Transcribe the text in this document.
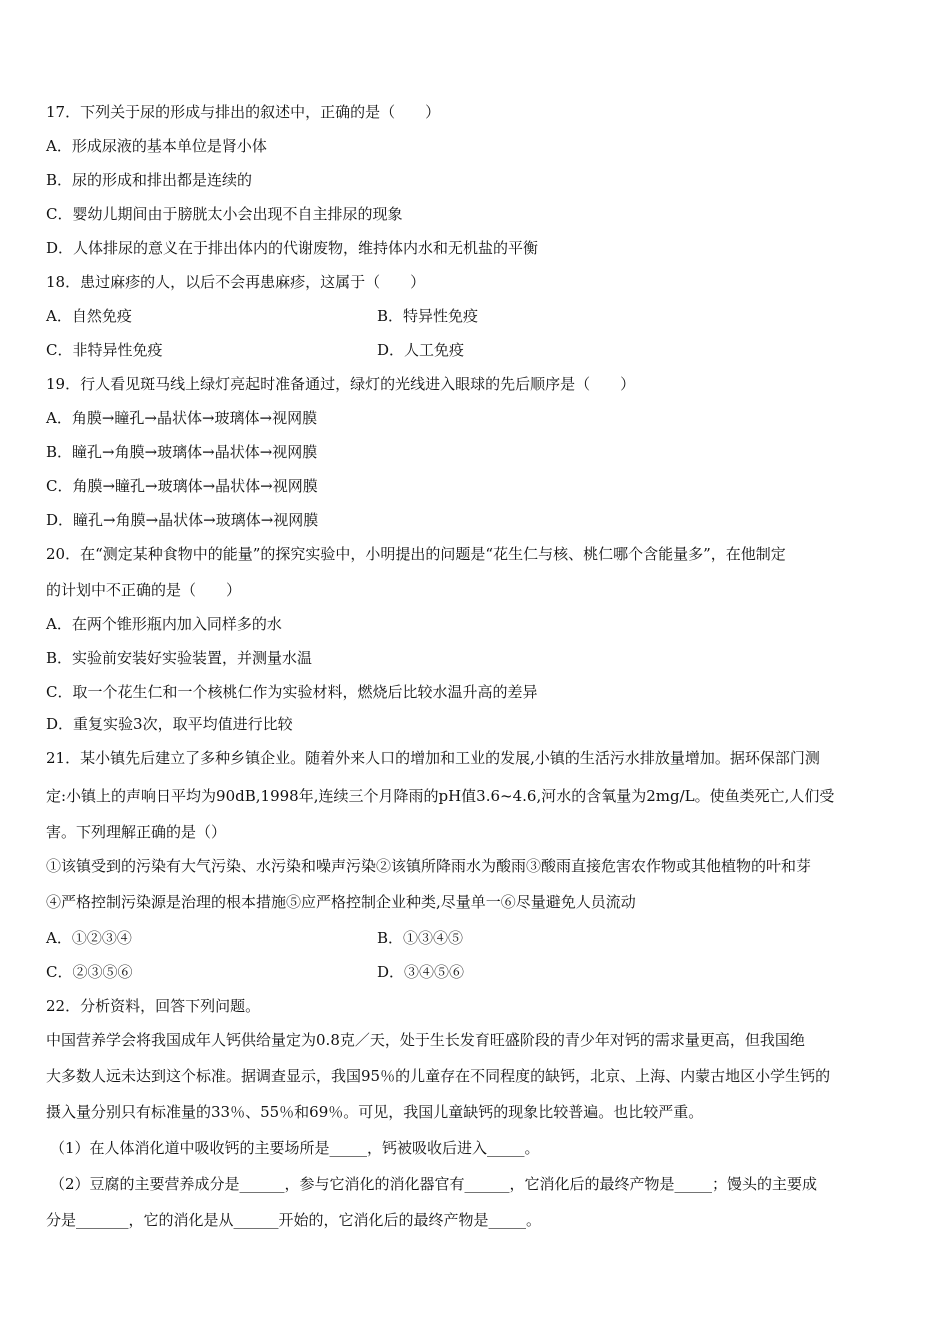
17．下列关于尿的形成与排出的叙述中，正确的是（　　）
A．形成尿液的基本单位是肾小体
B．尿的形成和排出都是连续的
C．婴幼儿期间由于膀胱太小会出现不自主排尿的现象
D．人体排尿的意义在于排出体内的代谢废物，维持体内水和无机盐的平衡
18．患过麻疹的人，以后不会再患麻疹，这属于（　　）
A．自然免疫	B．特异性免疫
C．非特异性免疫	D．人工免疫
19．行人看见斑马线上绿灯亮起时准备通过，绿灯的光线进入眼球的先后顺序是（　　）
A．角膜→瞳孔→晶状体→玻璃体→视网膜
B．瞳孔→角膜→玻璃体→晶状体→视网膜
C．角膜→瞳孔→玻璃体→晶状体→视网膜
D．瞳孔→角膜→晶状体→玻璃体→视网膜
20．在“测定某种食物中的能量”的探究实验中，小明提出的问题是“花生仁与核、桃仁哪个含能量多”，在他制定
的计划中不正确的是（　　）
A．在两个锥形瓶内加入同样多的水
B．实验前安装好实验装置，并测量水温
C．取一个花生仁和一个核桃仁作为实验材料，燃烧后比较水温升高的差异
D．重复实验3次，取平均值进行比较
21．某小镇先后建立了多种乡镇企业。随着外来人口的增加和工业的发展,小镇的生活污水排放量增加。据环保部门测
定:小镇上的声响日平均为90dB,1998年,连续三个月降雨的pH值3.6~4.6,河水的含氧量为2mg/L。使鱼类死亡,人们受
害。下列理解正确的是（）
①该镇受到的污染有大气污染、水污染和噪声污染②该镇所降雨水为酸雨③酸雨直接危害农作物或其他植物的叶和芽
④严格控制污染源是治理的根本措施⑤应严格控制企业种类,尽量单一⑥尽量避免人员流动
A．①②③④	B．①③④⑤
C．②③⑤⑥	D．③④⑤⑥
22．分析资料，回答下列问题。
中国营养学会将我国成年人钙供给量定为0.8克／天，处于生长发育旺盛阶段的青少年对钙的需求量更高，但我国绝
大多数人远未达到这个标准。据调查显示，我国95％的儿童存在不同程度的缺钙，北京、上海、内蒙古地区小学生钙的
摄入量分别只有标准量的33％、55％和69％。可见，我国儿童缺钙的现象比较普遍。也比较严重。
（1）在人体消化道中吸收钙的主要场所是_____，钙被吸收后进入_____。
（2）豆腐的主要营养成分是______，参与它消化的消化器官有______，它消化后的最终产物是_____；馒头的主要成
分是_______，它的消化是从______开始的，它消化后的最终产物是_____。
